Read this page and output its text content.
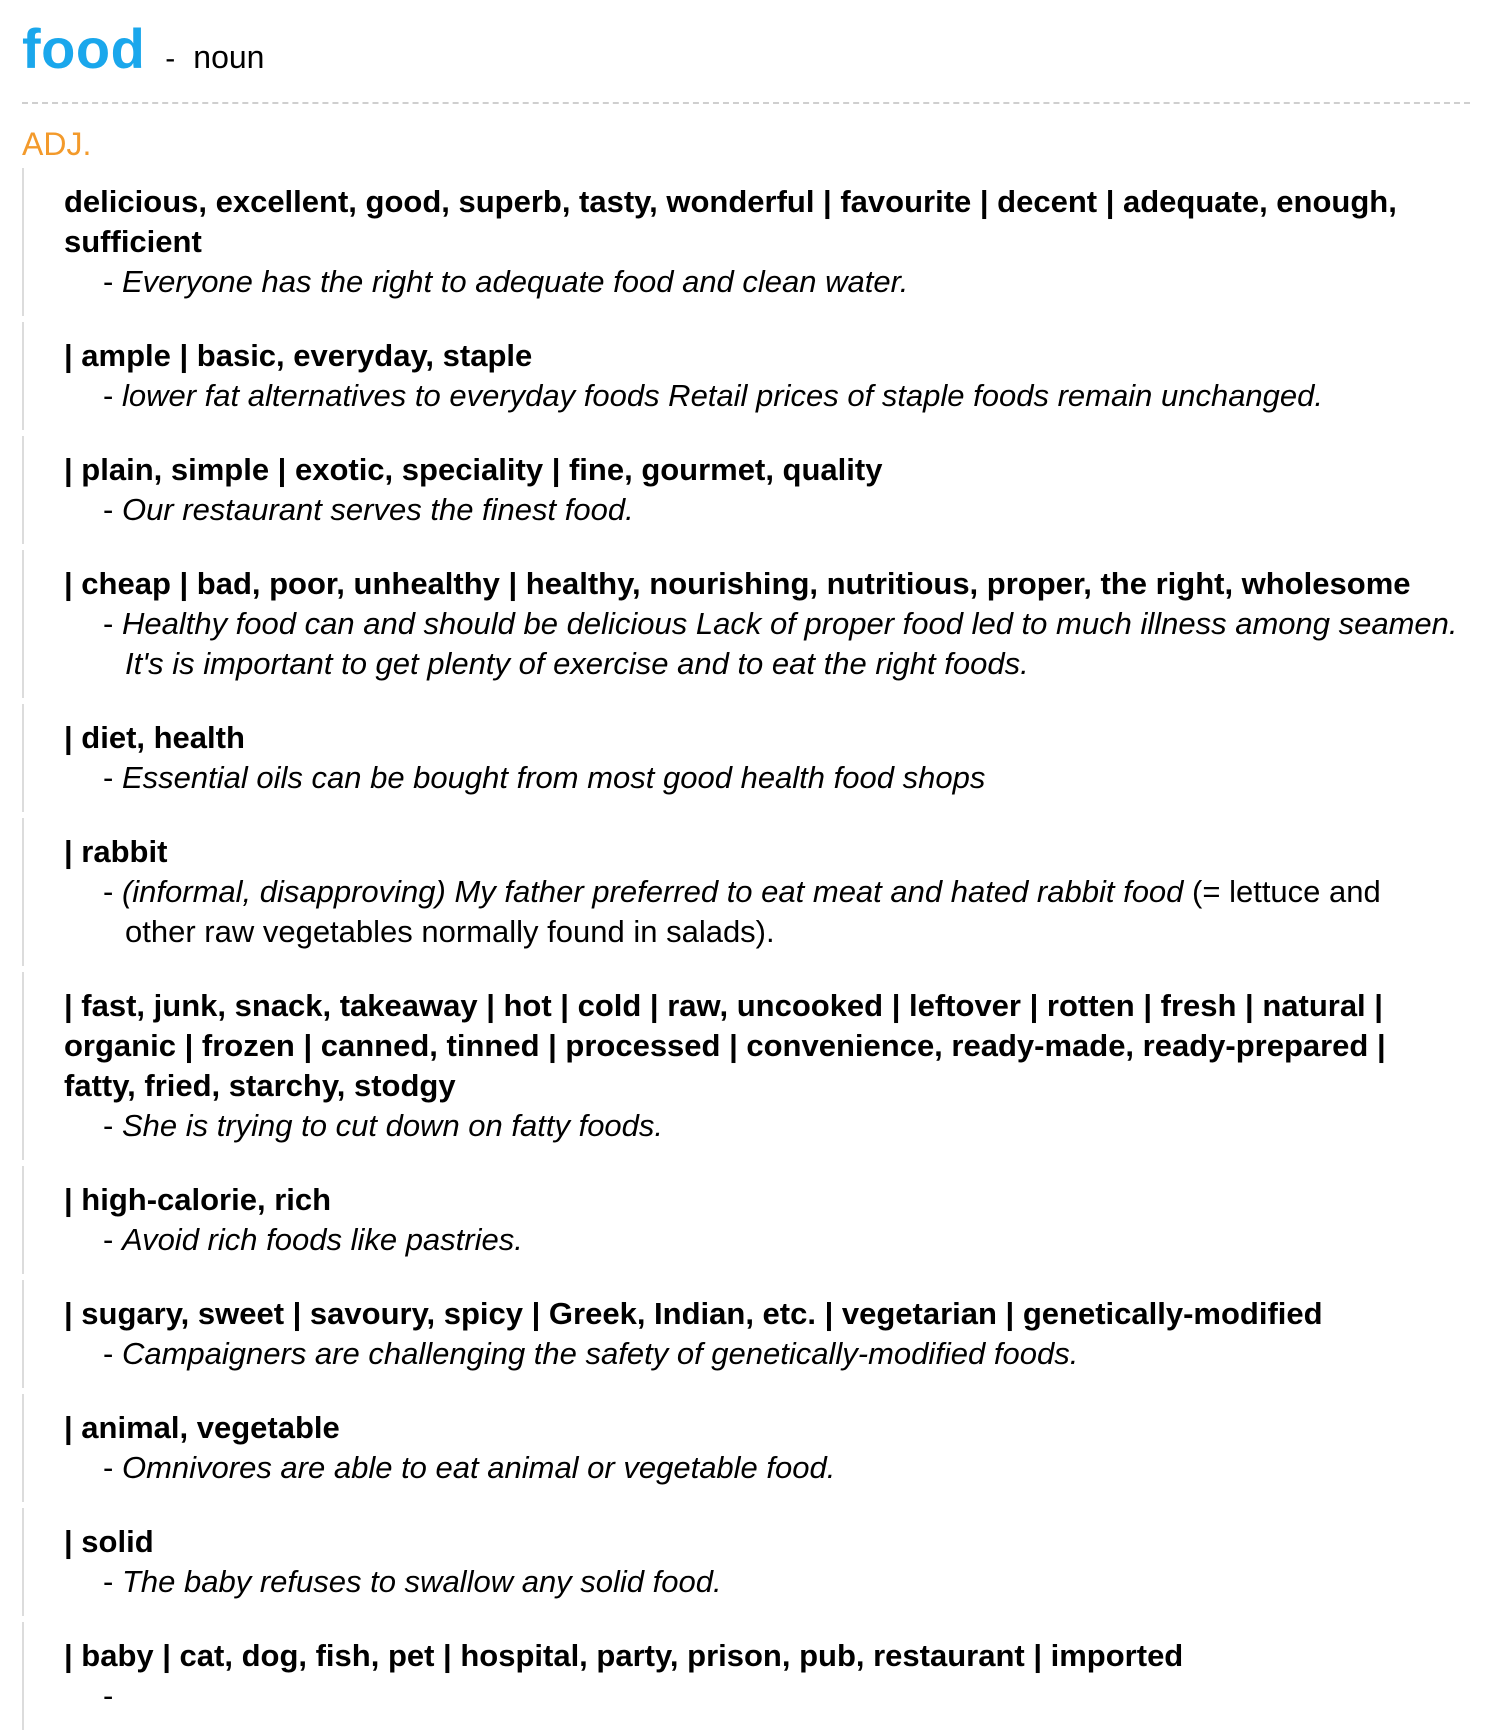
food - noun
ADJ.
delicious, excellent, good, superb, tasty, wonderful | favourite | decent | adequate, enough, sufficient
- Everyone has the right to adequate food and clean water.
| ample | basic, everyday, staple
- lower fat alternatives to everyday foods Retail prices of staple foods remain unchanged.
| plain, simple | exotic, speciality | fine, gourmet, quality
- Our restaurant serves the finest food.
| cheap | bad, poor, unhealthy | healthy, nourishing, nutritious, proper, the right, wholesome
- Healthy food can and should be delicious Lack of proper food led to much illness among seamen. It's is important to get plenty of exercise and to eat the right foods.
| diet, health
- Essential oils can be bought from most good health food shops
| rabbit
- (informal, disapproving) My father preferred to eat meat and hated rabbit food (= lettuce and other raw vegetables normally found in salads).
| fast, junk, snack, takeaway | hot | cold | raw, uncooked | leftover | rotten | fresh | natural | organic | frozen | canned, tinned | processed | convenience, ready-made, ready-prepared | fatty, fried, starchy, stodgy
- She is trying to cut down on fatty foods.
| high-calorie, rich
- Avoid rich foods like pastries.
| sugary, sweet | savoury, spicy | Greek, Indian, etc. | vegetarian | genetically-modified
- Campaigners are challenging the safety of genetically-modified foods.
| animal, vegetable
- Omnivores are able to eat animal or vegetable food.
| solid
- The baby refuses to swallow any solid food.
| baby | cat, dog, fish, pet | hospital, party, prison, pub, restaurant | imported
-
